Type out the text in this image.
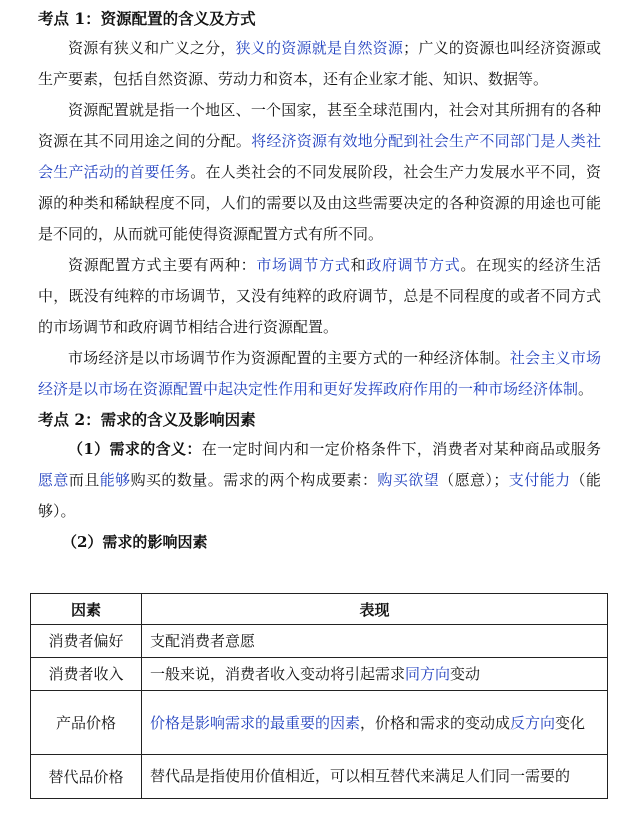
考点 1：资源配置的含义及方式

资源有狭义和广义之分，狭义的资源就是自然资源；广义的资源也叫经济资源或生产要素，包括自然资源、劳动力和资本，还有企业家才能、知识、数据等。

资源配置就是指一个地区、一个国家，甚至全球范围内，社会对其所拥有的各种资源在其不同用途之间的分配。将经济资源有效地分配到社会生产不同部门是人类社会生产活动的首要任务。在人类社会的不同发展阶段，社会生产力发展水平不同，资源的种类和稀缺程度不同，人们的需要以及由这些需要决定的各种资源的用途也可能是不同的，从而就可能使得资源配置方式有所不同。

资源配置方式主要有两种：市场调节方式和政府调节方式。在现实的经济生活中，既没有纯粹的市场调节，又没有纯粹的政府调节，总是不同程度的或者不同方式的市场调节和政府调节相结合进行资源配置。

市场经济是以市场调节作为资源配置的主要方式的一种经济体制。社会主义市场经济是以市场在资源配置中起决定性作用和更好发挥政府作用的一种市场经济体制。

考点 2：需求的含义及影响因素

（1）需求的含义：在一定时间内和一定价格条件下，消费者对某种商品或服务愿意而且能够购买的数量。需求的两个构成要素：购买欲望（愿意）；支付能力（能够）。

（2）需求的影响因素

因素	表现
消费者偏好	支配消费者意愿
消费者收入	一般来说，消费者收入变动将引起需求同方向变动
产品价格	价格是影响需求的最重要的因素，价格和需求的变动成反方向变化
替代品价格	替代品是指使用价值相近，可以相互替代来满足人们同一需要的
